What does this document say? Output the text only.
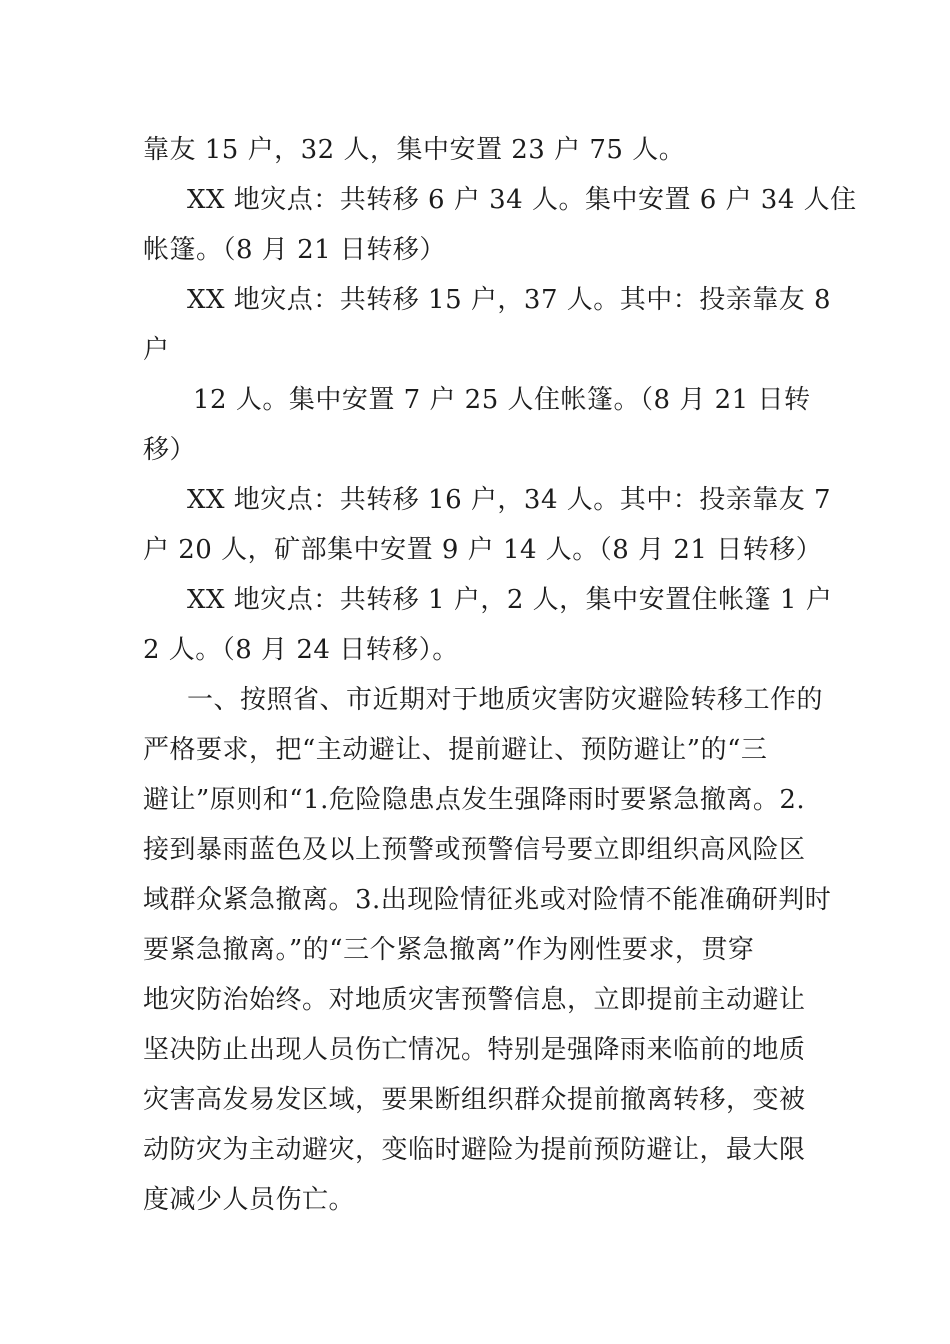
靠友 15 户，32 人，集中安置 23 户 75 人。
XX 地灾点：共转移 6 户 34 人。集中安置 6 户 34 人住
帐篷。（8 月 21 日转移）
XX 地灾点：共转移 15 户，37 人。其中：投亲靠友 8
户
12 人。集中安置 7 户 25 人住帐篷。（8 月 21 日转
移）
XX 地灾点：共转移 16 户，34 人。其中：投亲靠友 7
户 20 人，矿部集中安置 9 户 14 人。（8 月 21 日转移）
XX 地灾点：共转移 1 户，2 人，集中安置住帐篷 1 户
2 人。（8 月 24 日转移）。
一、按照省、市近期对于地质灾害防灾避险转移工作的
严格要求，把“主动避让、提前避让、预防避让”的“三
避让”原则和“1.危险隐患点发生强降雨时要紧急撤离。2.
接到暴雨蓝色及以上预警或预警信号要立即组织高风险区
域群众紧急撤离。3.出现险情征兆或对险情不能准确研判时
要紧急撤离。”的“三个紧急撤离”作为刚性要求，贯穿
地灾防治始终。对地质灾害预警信息，立即提前主动避让
坚决防止出现人员伤亡情况。特别是强降雨来临前的地质
灾害高发易发区域，要果断组织群众提前撤离转移，变被
动防灾为主动避灾，变临时避险为提前预防避让，最大限
度减少人员伤亡。
